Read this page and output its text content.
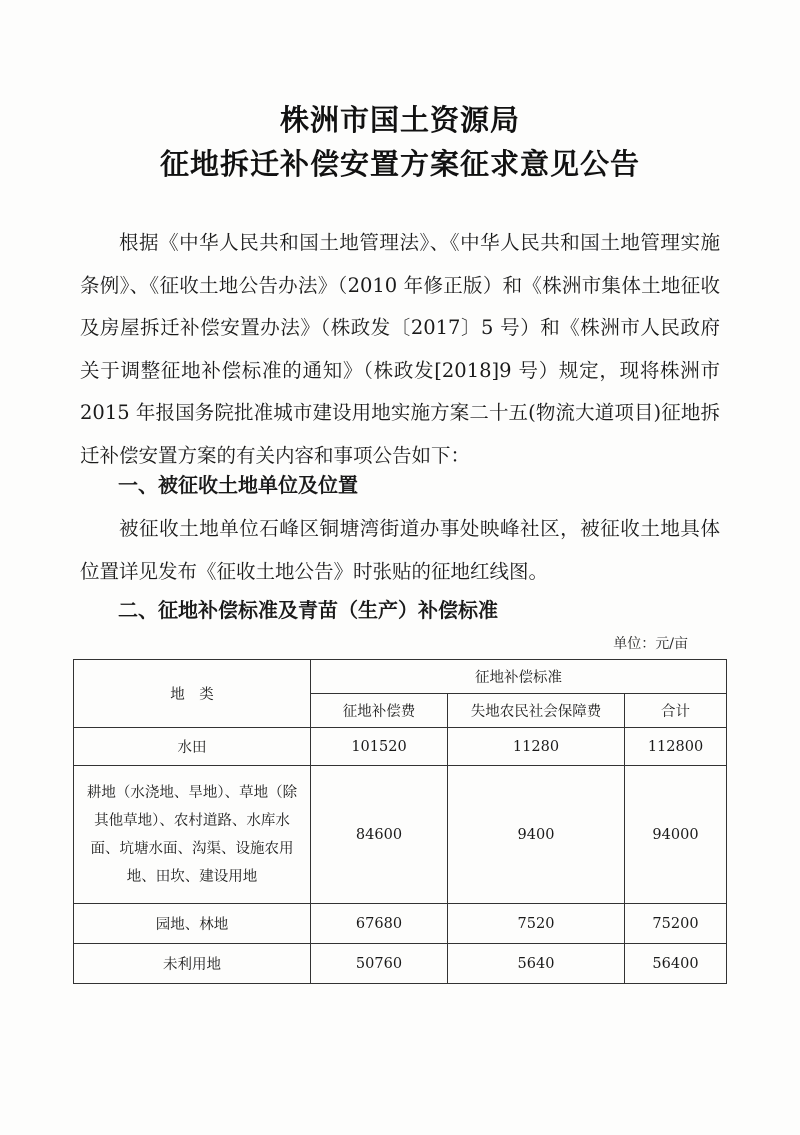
株洲市国土资源局
征地拆迁补偿安置方案征求意见公告
根据《中华人民共和国土地管理法》、《中华人民共和国土地管理实施条例》、《征收土地公告办法》（2010 年修正版）和《株洲市集体土地征收及房屋拆迁补偿安置办法》（株政发〔2017〕5 号）和《株洲市人民政府关于调整征地补偿标准的通知》（株政发[2018]9 号）规定，现将株洲市 2015 年报国务院批准城市建设用地实施方案二十五(物流大道项目)征地拆迁补偿安置方案的有关内容和事项公告如下：
一、被征收土地单位及位置
被征收土地单位石峰区铜塘湾街道办事处映峰社区，被征收土地具体位置详见发布《征收土地公告》时张贴的征地红线图。
二、征地补偿标准及青苗（生产）补偿标准
单位：元/亩
地　类	征地补偿标准		
	征地补偿费	失地农民社会保障费	合计
水田	101520	11280	112800
耕地（水浇地、旱地）、草地（除其他草地）、农村道路、水库水面、坑塘水面、沟渠、设施农用地、田坎、建设用地	84600	9400	94000
园地、林地	67680	7520	75200
未利用地	50760	5640	56400
